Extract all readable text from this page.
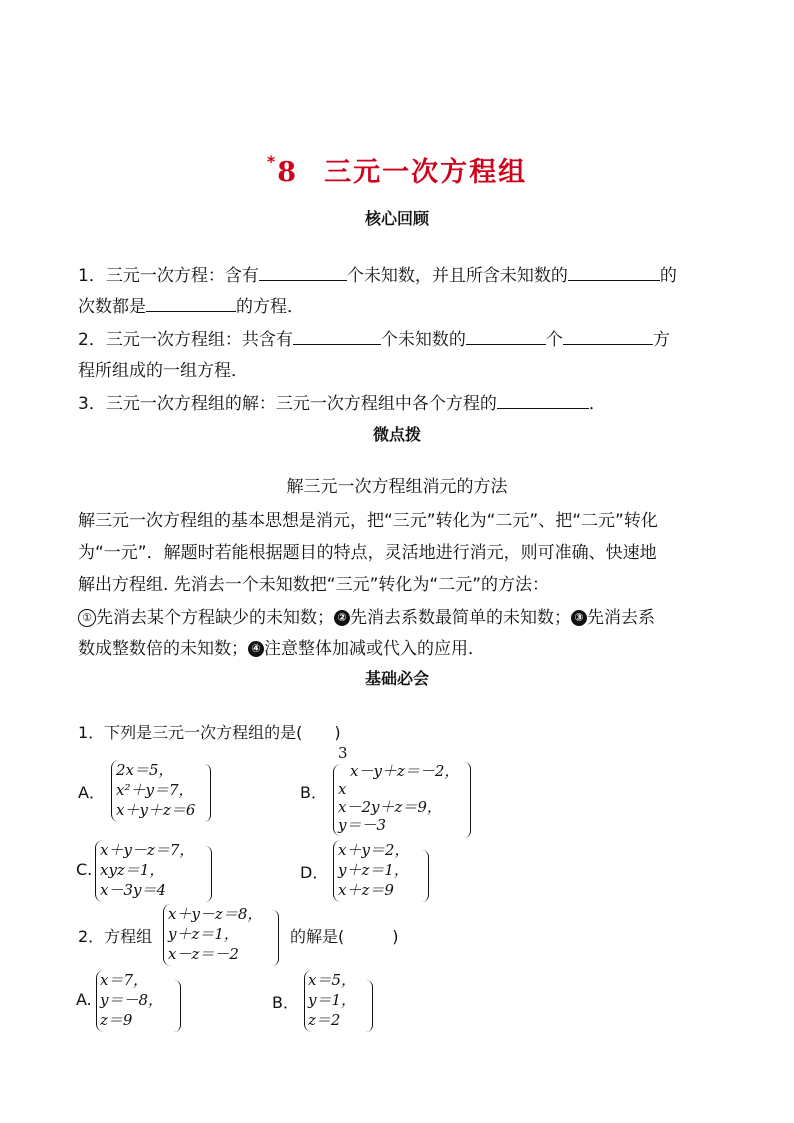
*8 三元一次方程组
核心回顾
1．三元一次方程：含有	个未知数，并且所含未知数的	的
次数都是	的方程．
2．三元一次方程组：共含有	个未知数的	个	方
程所组成的一组方程．
3．三元一次方程组的解：三元一次方程组中各个方程的	．
微点拨
解三元一次方程组消元的方法
解三元一次方程组的基本思想是消元，把“三元”转化为“二元”、把“二元”转化
为“一元”．解题时若能根据题目的特点，灵活地进行消元，则可准确、快速地
解出方程组. 先消去一个未知数把“三元”转化为“二元”的方法：
① 先消去某个方程缺少的未知数； ② 先消去系数最简单的未知数； ③ 先消去系
数成整数倍的未知数； ④ 注意整体加减或代入的应用．
基础必会
1．下列是三元一次方程组的是(　　)
A．
2x＝5，
x²＋y＝7，
x＋y＋z＝6
B．
3
x－y＋z＝－2，
x
x－2y＋z＝9，
y＝－3
C.
x＋y－z＝7，
xyz＝1，
x－3y＝4
D．
x＋y＝2，
y＋z＝1，
x＋z＝9
2．方程组
x＋y－z＝8，
y＋z＝1，
x－z＝－2
的解是(　　　)
A.
x＝7，
y＝－8，
z＝9
B．
x＝5，
y＝1，
z＝2
